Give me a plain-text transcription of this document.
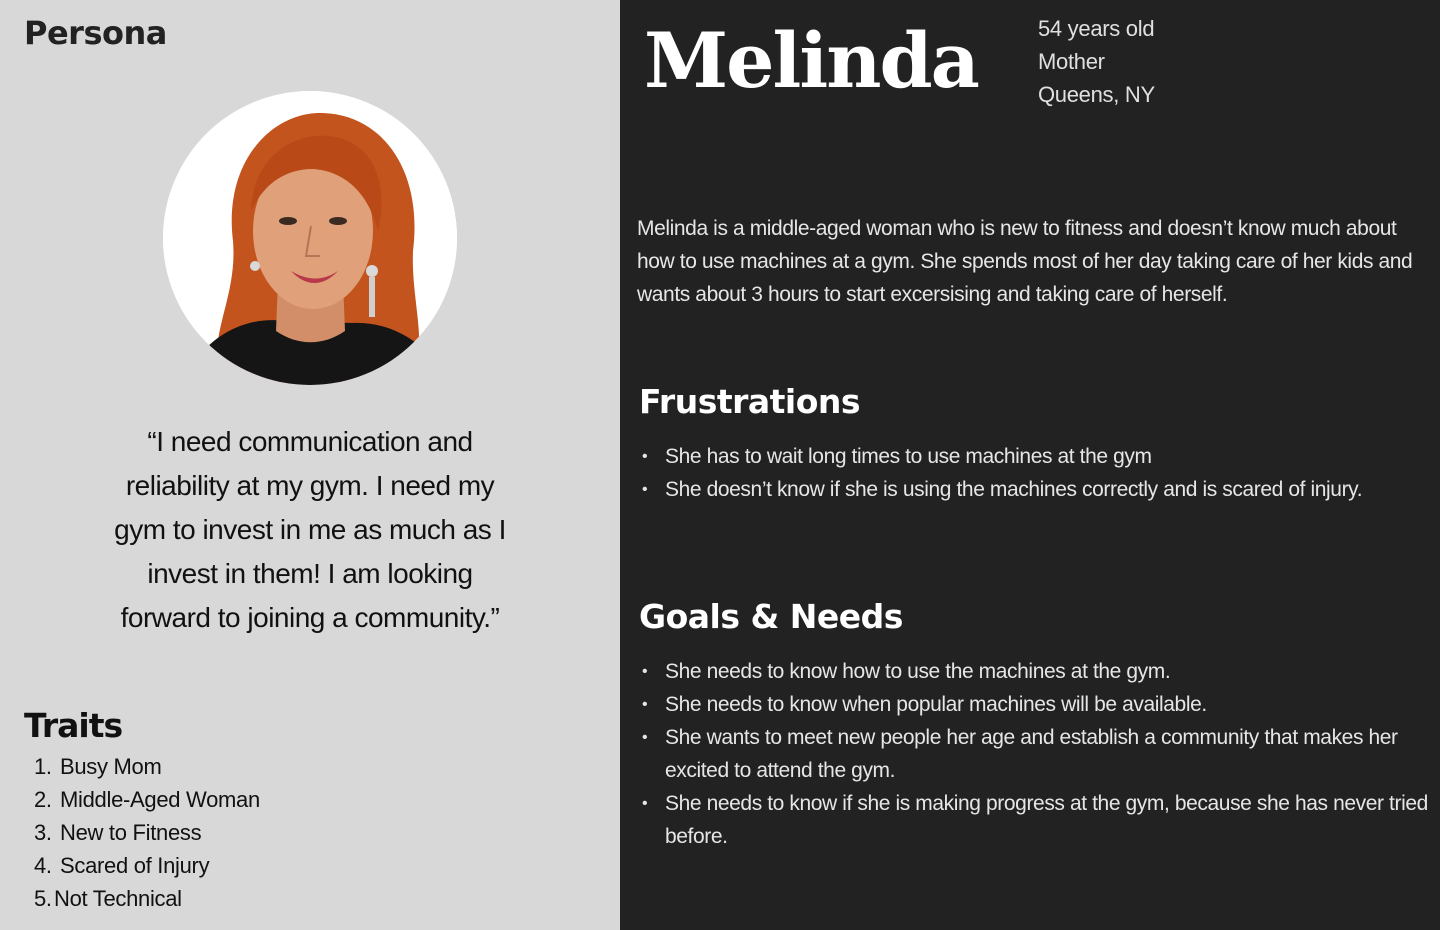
Persona
“I need communication and reliability at my gym. I need my gym to invest in me as much as I invest in them! I am looking forward to joining a community.”
Traits
1. Busy Mom
2. Middle-Aged Woman
3. New to Fitness
4. Scared of Injury
5. Not Technical
Melinda	54 years old
Mother
Queens, NY
Melinda is a middle-aged woman who is new to fitness and doesn’t know much about how to use machines at a gym. She spends most of her day taking care of her kids and wants about 3 hours to start excersising and taking care of herself.
Frustrations
• She has to wait long times to use machines at the gym
• She doesn’t know if she is using the machines correctly and is scared of injury.
Goals & Needs
• She needs to know how to use the machines at the gym.
• She needs to know when popular machines will be available.
• She wants to meet new people her age and establish a community that makes her excited to attend the gym.
• She needs to know if she is making progress at the gym, because she has never tried before.
